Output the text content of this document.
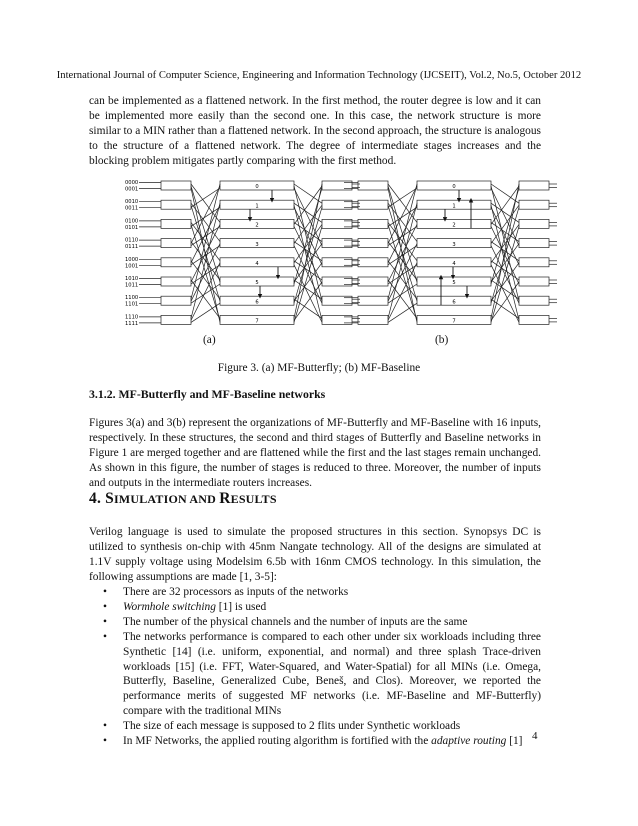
International Journal of Computer Science, Engineering and Information Technology (IJCSEIT), Vol.2, No.5, October 2012

can be implemented as a flattened network. In the first method, the router degree is low and it can be implemented more easily than the second one. In this case, the network structure is more similar to a MIN rather than a flattened network. In the second approach, the structure is analogous to the structure of a flattened network. The degree of intermediate stages increases and the blocking problem mitigates partly comparing with the first method.

0000
0001	0
0010
0011	1
0100
0101	2
0110
0111	3
1000
1001	4
1010
1011	5
1100
1101	6
1110
1111	7
0
1
2
3
4
5
6
7
(a)	(b)
Figure 3. (a) MF-Butterfly; (b) MF-Baseline
3.1.2. MF-Butterfly and MF-Baseline networks

Figures 3(a) and 3(b) represent the organizations of MF-Butterfly and MF-Baseline with 16 inputs, respectively. In these structures, the second and third stages of Butterfly and Baseline networks in Figure 1 are merged together and are flattened while the first and the last stages remain unchanged. As shown in this figure, the number of stages is reduced to three. Moreover, the number of inputs and outputs in the intermediate routers increases.

4. SIMULATION AND RESULTS

Verilog language is used to simulate the proposed structures in this section. Synopsys DC is utilized to synthesis on-chip with 45nm Nangate technology. All of the designs are simulated at 1.1V supply voltage using Modelsim 6.5b with 16nm CMOS technology. In this simulation, the following assumptions are made [1, 3-5]:

• There are 32 processors as inputs of the networks
• Wormhole switching [1] is used
• The number of the physical channels and the number of inputs are the same
• The networks performance is compared to each other under six workloads including three Synthetic [14] (i.e. uniform, exponential, and normal) and three splash Trace-driven workloads [15] (i.e. FFT, Water-Squared, and Water-Spatial) for all MINs (i.e. Omega, Butterfly, Baseline, Generalized Cube, Beneš, and Clos). Moreover, we reported the performance merits of suggested MF networks (i.e. MF-Baseline and MF-Butterfly) compare with the traditional MINs
• The size of each message is supposed to 2 flits under Synthetic workloads
• In MF Networks, the applied routing algorithm is fortified with the adaptive routing [1] 4
